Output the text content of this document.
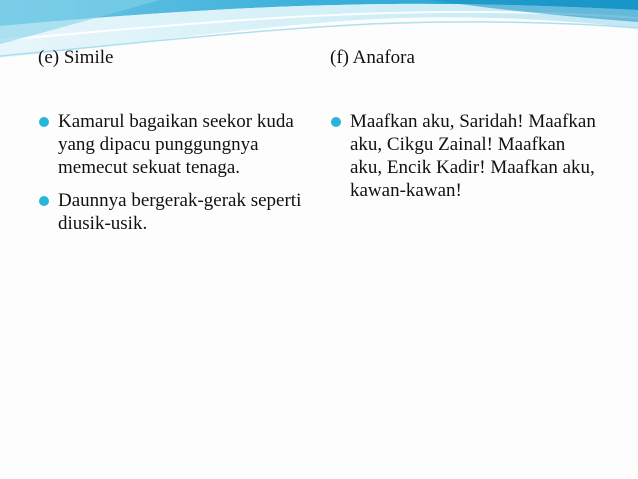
(e) Simile	(f) Anafora
Kamarul bagaikan seekor kuda yang dipacu punggungnya memecut sekuat tenaga.
Daunnya bergerak-gerak seperti diusik-usik.
Maafkan aku, Saridah! Maafkan aku, Cikgu Zainal! Maafkan aku, Encik Kadir! Maafkan aku, kawan-kawan!
